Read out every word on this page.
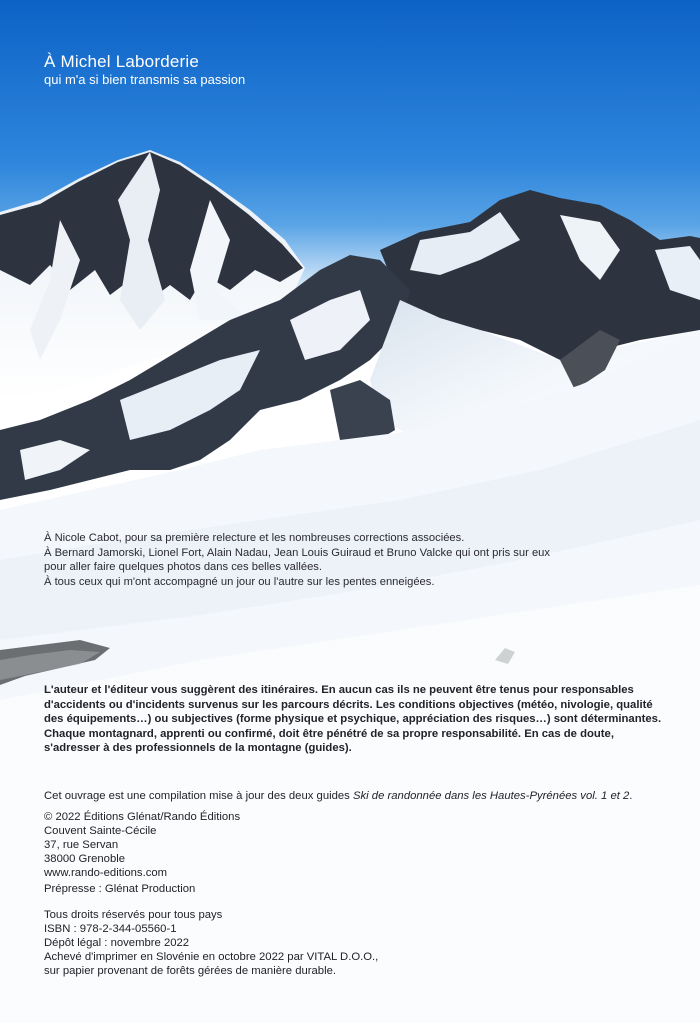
À Michel Laborderie
qui m'a si bien transmis sa passion

À Nicole Cabot, pour sa première relecture et les nombreuses corrections associées.

À Bernard Jamorski, Lionel Fort, Alain Nadau, Jean Louis Guiraud et Bruno Valcke qui ont pris sur eux

pour aller faire quelques photos dans ces belles vallées.

À tous ceux qui m'ont accompagné un jour ou l'autre sur les pentes enneigées.

L'auteur et l'éditeur vous suggèrent des itinéraires. En aucun cas ils ne peuvent être tenus pour responsables d'accidents ou d'incidents survenus sur les parcours décrits. Les conditions objectives (météo, nivologie, qualité des équipements…) ou subjectives (forme physique et psychique, appréciation des risques…) sont déterminantes. Chaque montagnard, apprenti ou confirmé, doit être pénétré de sa propre responsabilité. En cas de doute, s'adresser à des professionnels de la montagne (guides).
Cet ouvrage est une compilation mise à jour des deux guides Ski de randonnée dans les Hautes-Pyrénées vol. 1 et 2.

© 2022 Éditions Glénat/Rando Éditions

Couvent Sainte-Cécile

37, rue Servan

38000 Grenoble

www.rando-editions.com

Prépresse : Glénat Production

Tous droits réservés pour tous pays

ISBN : 978-2-344-05560-1

Dépôt légal : novembre 2022

Achevé d'imprimer en Slovénie en octobre 2022 par VITAL D.O.O.,

sur papier provenant de forêts gérées de manière durable.
